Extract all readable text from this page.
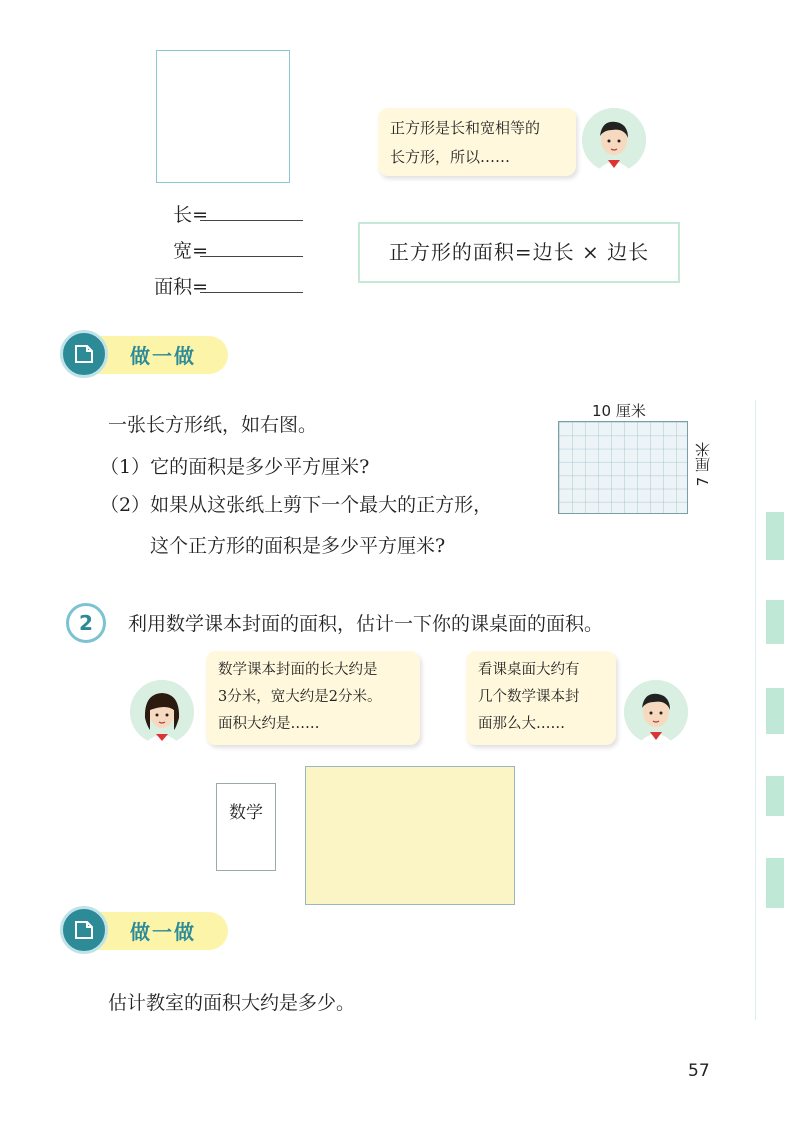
长=
宽=
面积=
正方形是长和宽相等的
长方形，所以……
正方形的面积=边长 × 边长
做一做
一张长方形纸，如右图。
（1）它的面积是多少平方厘米?
（2）如果从这张纸上剪下一个最大的正方形，
这个正方形的面积是多少平方厘米?
10 厘米
7 厘米
2	利用数学课本封面的面积，估计一下你的课桌面的面积。
数学课本封面的长大约是
3分米，宽大约是2分米。
面积大约是……
看课桌面大约有
几个数学课本封
面那么大……
数学
做一做
估计教室的面积大约是多少。
57
